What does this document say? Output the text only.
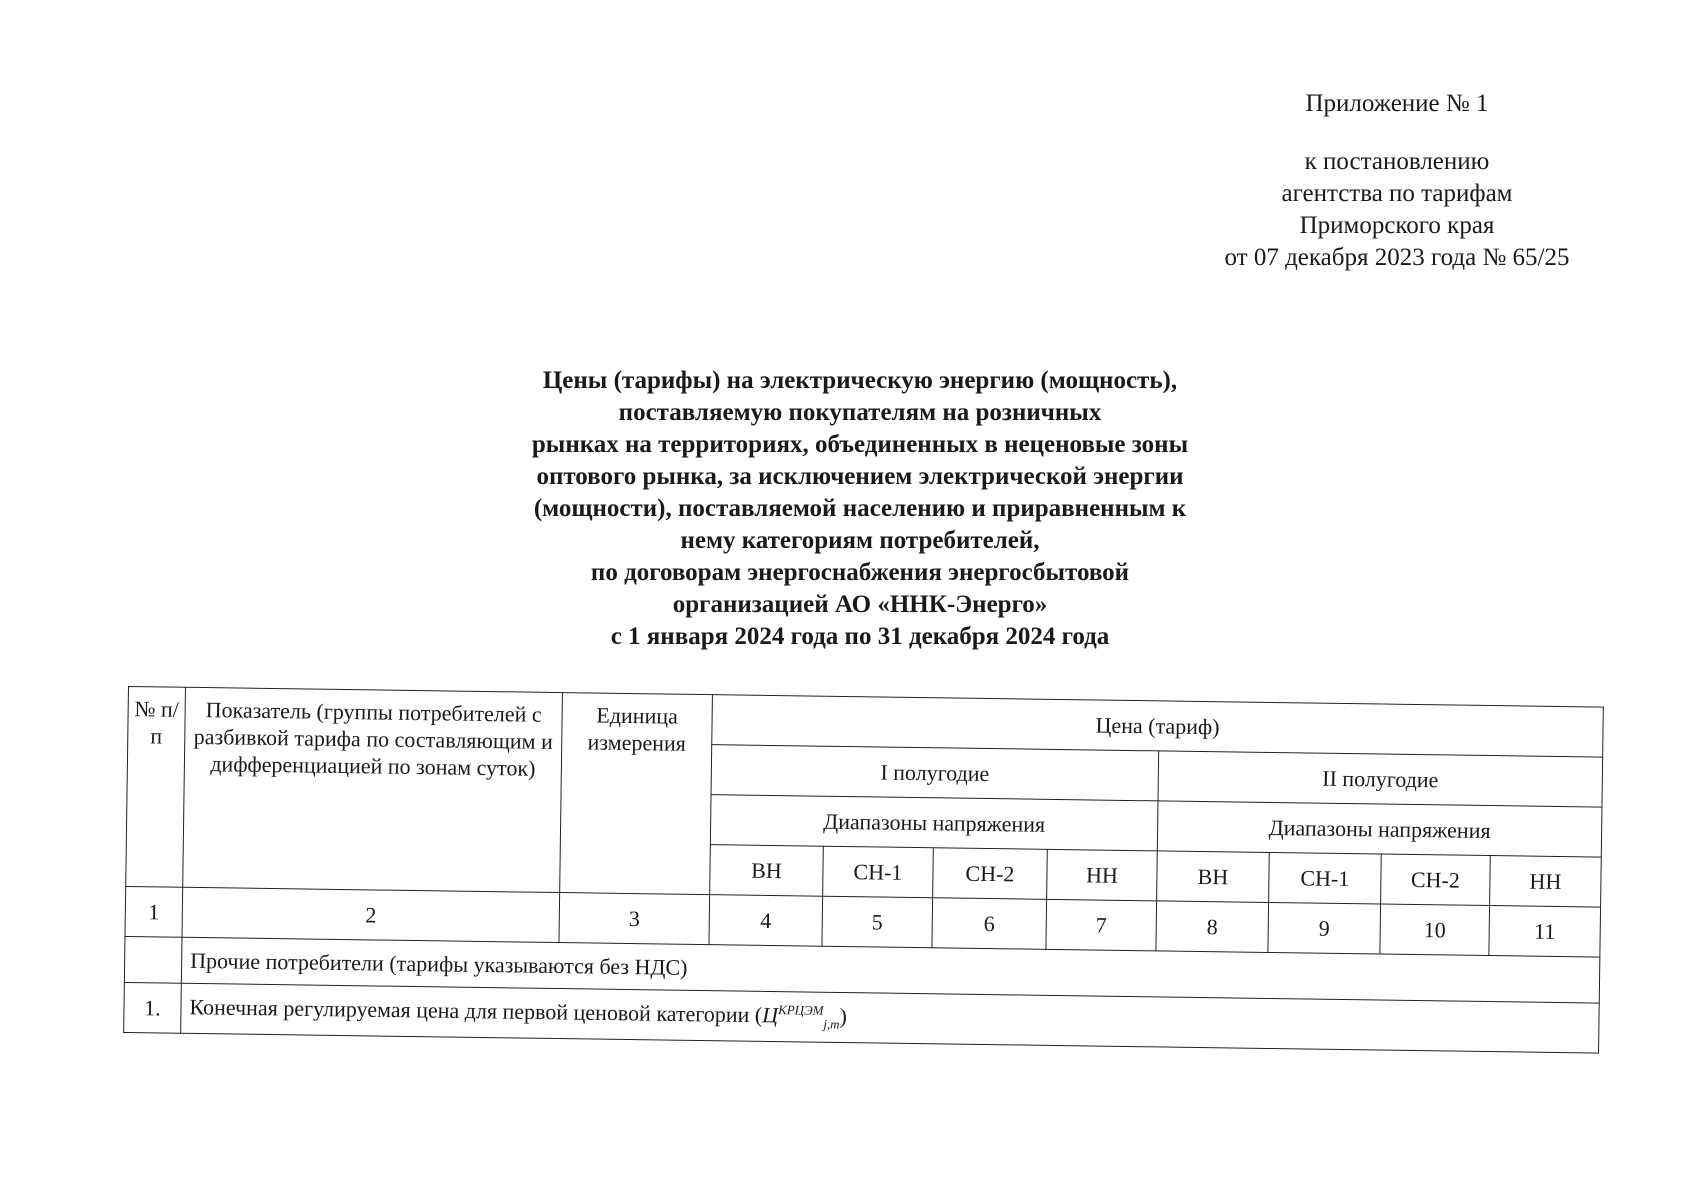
Приложение № 1
к постановлению
агентства по тарифам
Приморского края
от 07 декабря 2023 года № 65/25
Цены (тарифы) на электрическую энергию (мощность),
поставляемую покупателям на розничных
рынках на территориях, объединенных в неценовые зоны
оптового рынка, за исключением электрической энергии
(мощности), поставляемой населению и приравненным к
нему категориям потребителей,
по договорам энергоснабжения энергосбытовой
организацией АО «ННК-Энерго»
с 1 января 2024 года по 31 декабря 2024 года
№ п/п	Показатель (группы потребителей с разбивкой тарифа по составляющим и дифференциацией по зонам суток)	Единица измерения	Цена (тариф)							
			I полугодие				II полугодие			
			Диапазоны напряжения				Диапазоны напряжения			
			ВН	СН-1	СН-2	НН	ВН	СН-1	СН-2	НН
1	2	3	4	5	6	7	8	9	10	11
	Прочие потребители (тарифы указываются без НДС)									
1.	Конечная регулируемая цена для первой ценовой категории $(Ц^{КРЦЭМ}_{j,m})$									
